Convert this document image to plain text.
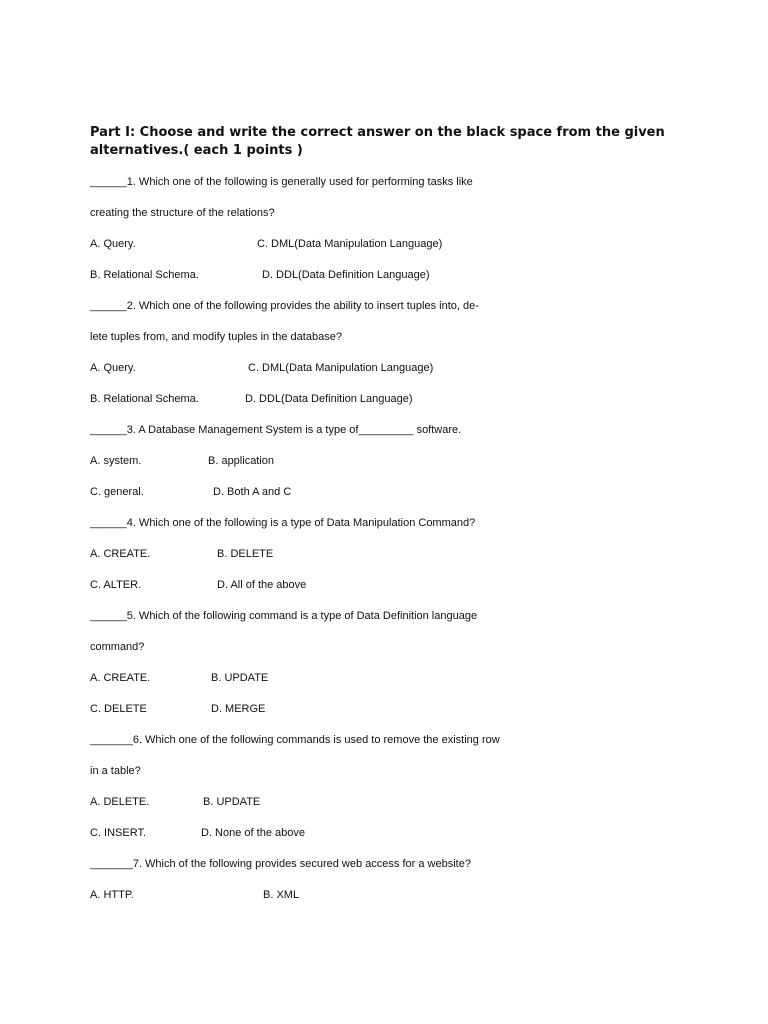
Part I: Choose and write the correct answer on the black space from the given
alternatives.( each 1 points )
______1. Which one of the following is generally used for performing tasks like
creating the structure of the relations?
A. Query.	C. DML(Data Manipulation Language)
B. Relational Schema.	D. DDL(Data Definition Language)
______2. Which one of the following provides the ability to insert tuples into, de-
lete tuples from, and modify tuples in the database?
A. Query.	C. DML(Data Manipulation Language)
B. Relational Schema.	D. DDL(Data Definition Language)
______3. A Database Management System is a type of_________ software.
A. system.	B. application
C. general.	D. Both A and C
______4. Which one of the following is a type of Data Manipulation Command?
A. CREATE.	B. DELETE
C. ALTER.	D. All of the above
______5. Which of the following command is a type of Data Definition language
command?
A. CREATE.	B. UPDATE
C. DELETE	D. MERGE
_______6. Which one of the following commands is used to remove the existing row
in a table?
A. DELETE.	B. UPDATE
C. INSERT.	D. None of the above
_______7. Which of the following provides secured web access for a website?
A. HTTP.	B. XML
